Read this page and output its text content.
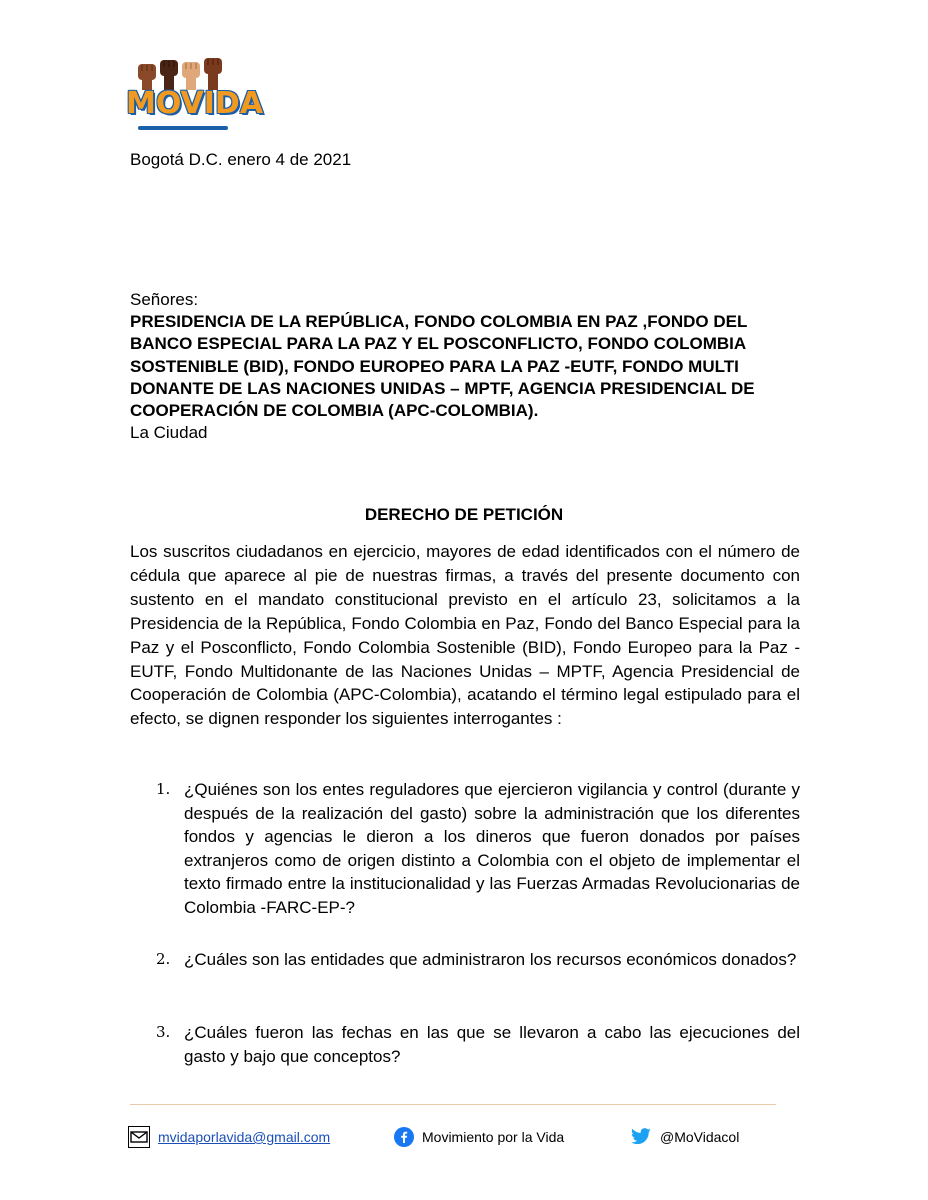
MOVIDA
Bogotá D.C. enero 4 de 2021
Señores:
PRESIDENCIA DE LA REPÚBLICA, FONDO COLOMBIA EN PAZ ,FONDO DEL BANCO ESPECIAL PARA LA PAZ Y EL POSCONFLICTO, FONDO COLOMBIA SOSTENIBLE (BID), FONDO EUROPEO PARA LA PAZ -EUTF, FONDO MULTI DONANTE DE LAS NACIONES UNIDAS – MPTF, AGENCIA PRESIDENCIAL DE COOPERACIÓN DE COLOMBIA (APC-COLOMBIA).
La Ciudad
DERECHO DE PETICIÓN
Los suscritos ciudadanos en ejercicio, mayores de edad identificados con el número de cédula que aparece al pie de nuestras firmas, a través del presente documento con sustento en el mandato constitucional previsto en el artículo 23, solicitamos a la Presidencia de la República, Fondo Colombia en Paz, Fondo del Banco Especial para la Paz y el Posconflicto, Fondo Colombia Sostenible (BID), Fondo Europeo para la Paz -EUTF, Fondo Multidonante de las Naciones Unidas – MPTF, Agencia Presidencial de Cooperación de Colombia (APC-Colombia), acatando el término legal estipulado para el efecto, se dignen responder los siguientes interrogantes :
1. ¿Quiénes son los entes reguladores que ejercieron vigilancia y control (durante y después de la realización del gasto) sobre la administración que los diferentes fondos y agencias le dieron a los dineros que fueron donados por países extranjeros como de origen distinto a Colombia con el objeto de implementar el texto firmado entre la institucionalidad y las Fuerzas Armadas Revolucionarias de Colombia -FARC-EP-?
2. ¿Cuáles son las entidades que administraron los recursos económicos donados?
3. ¿Cuáles fueron las fechas en las que se llevaron a cabo las ejecuciones del gasto y bajo que conceptos?
mvidaporlavida@gmail.com	Movimiento por la Vida	@MoVidacol
